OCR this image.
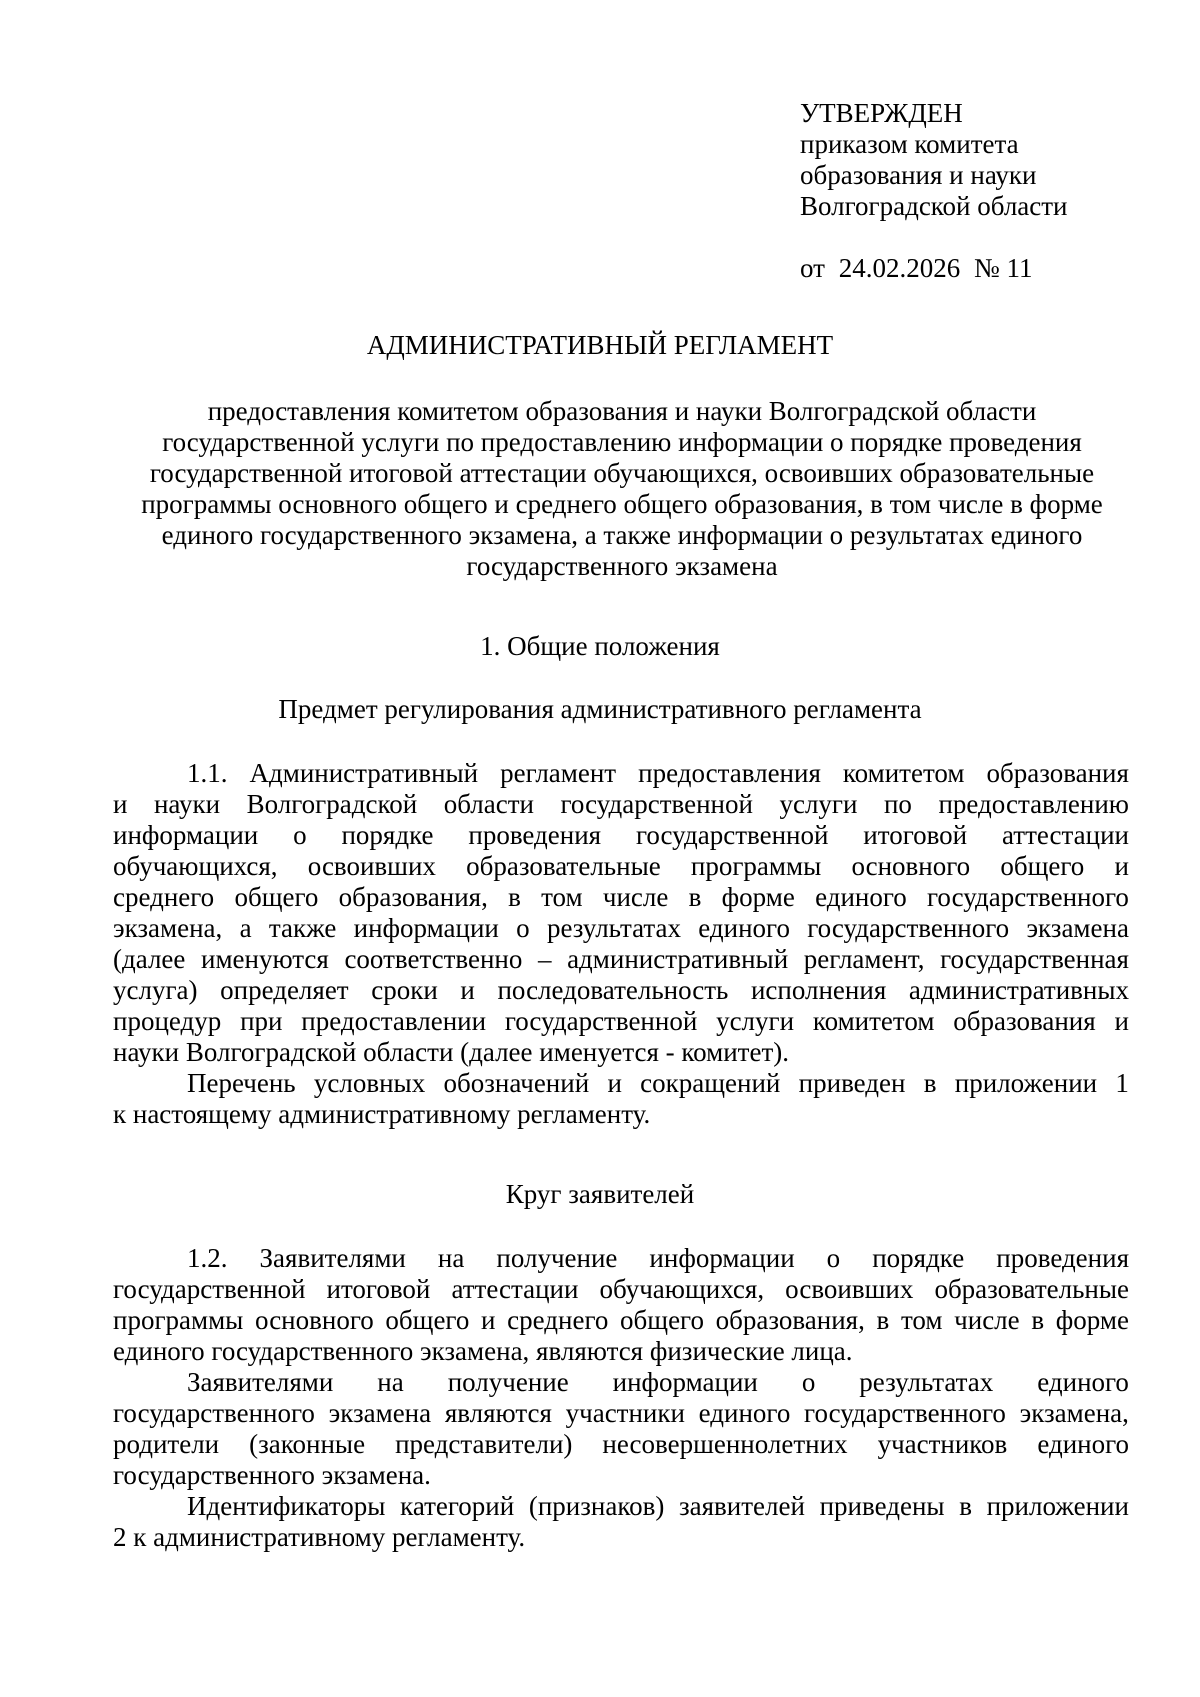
УТВЕРЖДЕН
приказом комитета
образования и науки
Волгоградской области
от 24.02.2026 № 11
АДМИНИСТРАТИВНЫЙ РЕГЛАМЕНТ
предоставления комитетом образования и науки Волгоградской области
государственной услуги по предоставлению информации о порядке проведения
государственной итоговой аттестации обучающихся, освоивших образовательные
программы основного общего и среднего общего образования, в том числе в форме
единого государственного экзамена, а также информации о результатах единого
государственного экзамена
1. Общие положения
Предмет регулирования административного регламента
1.1. Административный регламент предоставления комитетом образования
и науки Волгоградской области государственной услуги по предоставлению
информации о порядке проведения государственной итоговой аттестации
обучающихся, освоивших образовательные программы основного общего и
среднего общего образования, в том числе в форме единого государственного
экзамена, а также информации о результатах единого государственного экзамена
(далее именуются соответственно – административный регламент, государственная
услуга) определяет сроки и последовательность исполнения административных
процедур при предоставлении государственной услуги комитетом образования и
науки Волгоградской области (далее именуется - комитет).
Перечень условных обозначений и сокращений приведен в приложении 1
к настоящему административному регламенту.
Круг заявителей
1.2. Заявителями на получение информации о порядке проведения
государственной итоговой аттестации обучающихся, освоивших образовательные
программы основного общего и среднего общего образования, в том числе в форме
единого государственного экзамена, являются физические лица.
Заявителями на получение информации о результатах единого
государственного экзамена являются участники единого государственного экзамена,
родители (законные представители) несовершеннолетних участников единого
государственного экзамена.
Идентификаторы категорий (признаков) заявителей приведены в приложении
2 к административному регламенту.
